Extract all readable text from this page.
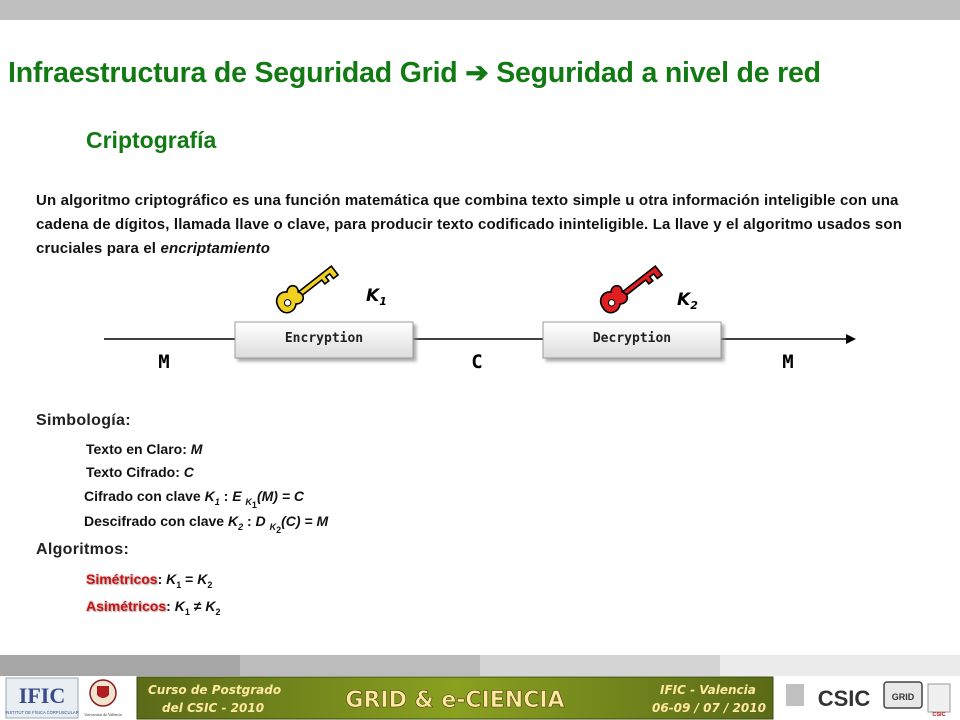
Infraestructura de Seguridad Grid ➔ Seguridad a nivel de red
Criptografía
Un algoritmo criptográfico es una función matemática que combina texto simple u otra información inteligible con una cadena de dígitos, llamada llave o clave, para producir texto codificado ininteligible. La llave y el algoritmo usados son cruciales para el encriptamiento
Encryption	Decryption
M	C	M
$K_1$	$K_2$
Simbología:
Texto en Claro: M
Texto Cifrado: C
Cifrado con clave $K_1$ : E $_{K_1}$(M) = C
Descifrado con clave $K_2$ : D $_{K_2}$(C) = M
Algoritmos:
Simétricos: $K_1 = K_2$
Asimétricos: $K_1 \ne K_2$
IFIC
INSTITUT DE FÍSICA CORPUSCULAR Universitat de València
Curso de Postgrado
del CSIC - 2010	GRID & e-CIENCIA	IFIC - Valencia
06-09 / 07 / 2010 CSIC GRID
CSIC
